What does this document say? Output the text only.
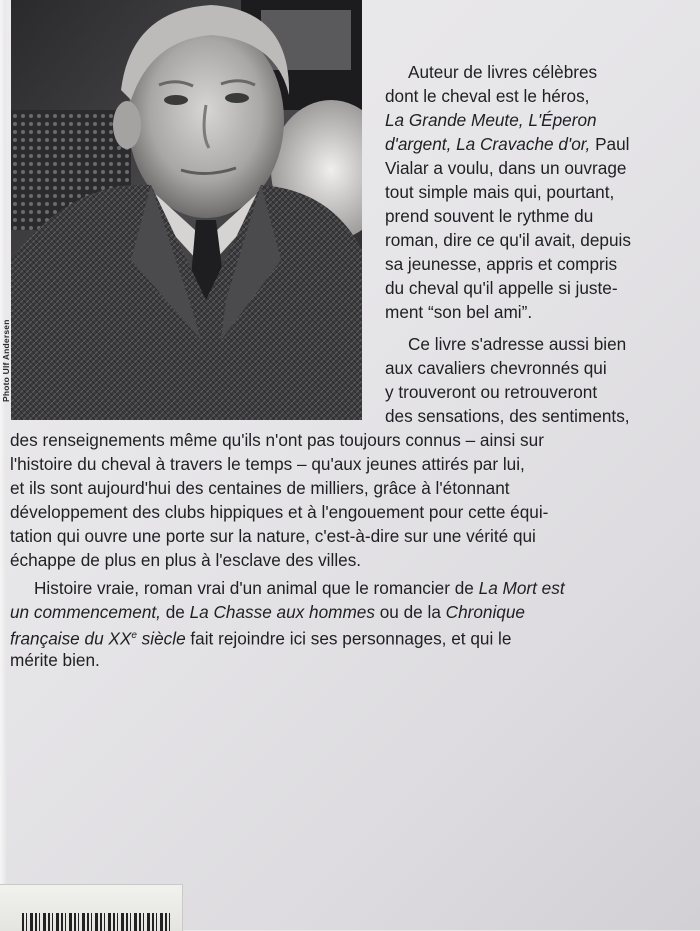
Photo Ulf Andersen
Auteur de livres célèbres
dont le cheval est le héros,
La Grande Meute, L'Éperon
d'argent, La Cravache d'or, Paul
Vialar a voulu, dans un ouvrage
tout simple mais qui, pourtant,
prend souvent le rythme du
roman, dire ce qu'il avait, depuis
sa jeunesse, appris et compris
du cheval qu'il appelle si juste-
ment “son bel ami”.
Ce livre s'adresse aussi bien
aux cavaliers chevronnés qui
y trouveront ou retrouveront
des sensations, des sentiments,
des renseignements même qu'ils n'ont pas toujours connus – ainsi sur
l'histoire du cheval à travers le temps – qu'aux jeunes attirés par lui,
et ils sont aujourd'hui des centaines de milliers, grâce à l'étonnant
développement des clubs hippiques et à l'engouement pour cette équi-
tation qui ouvre une porte sur la nature, c'est-à-dire sur une vérité qui
échappe de plus en plus à l'esclave des villes.
Histoire vraie, roman vrai d'un animal que le romancier de La Mort est
un commencement, de La Chasse aux hommes ou de la Chronique
française du XXe siècle fait rejoindre ici ses personnages, et qui le
mérite bien.
